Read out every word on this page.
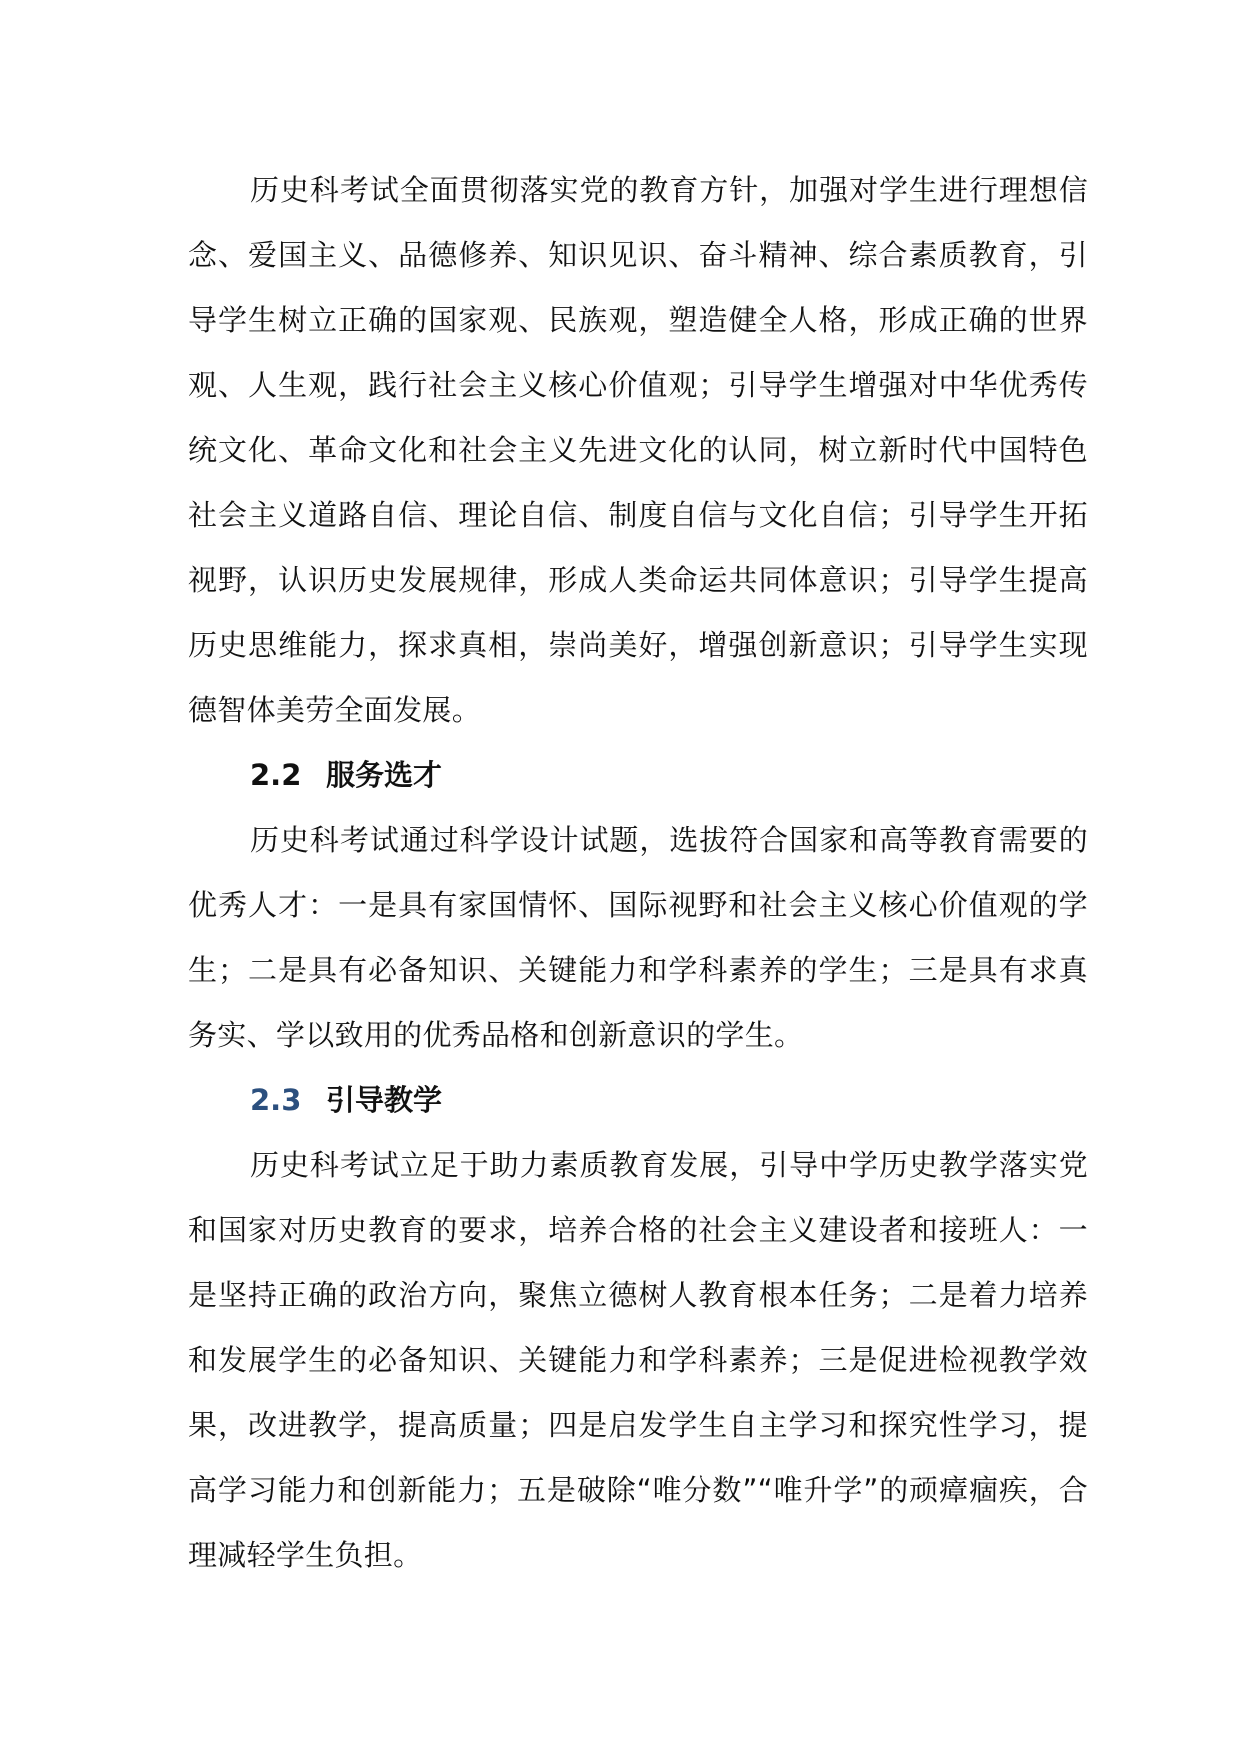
历史科考试全面贯彻落实党的教育方针，加强对学生进行理想信念、爱国主义、品德修养、知识见识、奋斗精神、综合素质教育，引导学生树立正确的国家观、民族观，塑造健全人格，形成正确的世界观、人生观，践行社会主义核心价值观；引导学生增强对中华优秀传统文化、革命文化和社会主义先进文化的认同，树立新时代中国特色社会主义道路自信、理论自信、制度自信与文化自信；引导学生开拓视野，认识历史发展规律，形成人类命运共同体意识；引导学生提高历史思维能力，探求真相，崇尚美好，增强创新意识；引导学生实现德智体美劳全面发展。

2.2 服务选才

历史科考试通过科学设计试题，选拔符合国家和高等教育需要的优秀人才：一是具有家国情怀、国际视野和社会主义核心价值观的学生；二是具有必备知识、关键能力和学科素养的学生；三是具有求真务实、学以致用的优秀品格和创新意识的学生。

2.3 引导教学

历史科考试立足于助力素质教育发展，引导中学历史教学落实党和国家对历史教育的要求，培养合格的社会主义建设者和接班人：一是坚持正确的政治方向，聚焦立德树人教育根本任务；二是着力培养和发展学生的必备知识、关键能力和学科素养；三是促进检视教学效果，改进教学，提高质量；四是启发学生自主学习和探究性学习，提高学习能力和创新能力；五是破除“唯分数”“唯升学”的顽瘴痼疾，合理减轻学生负担。
